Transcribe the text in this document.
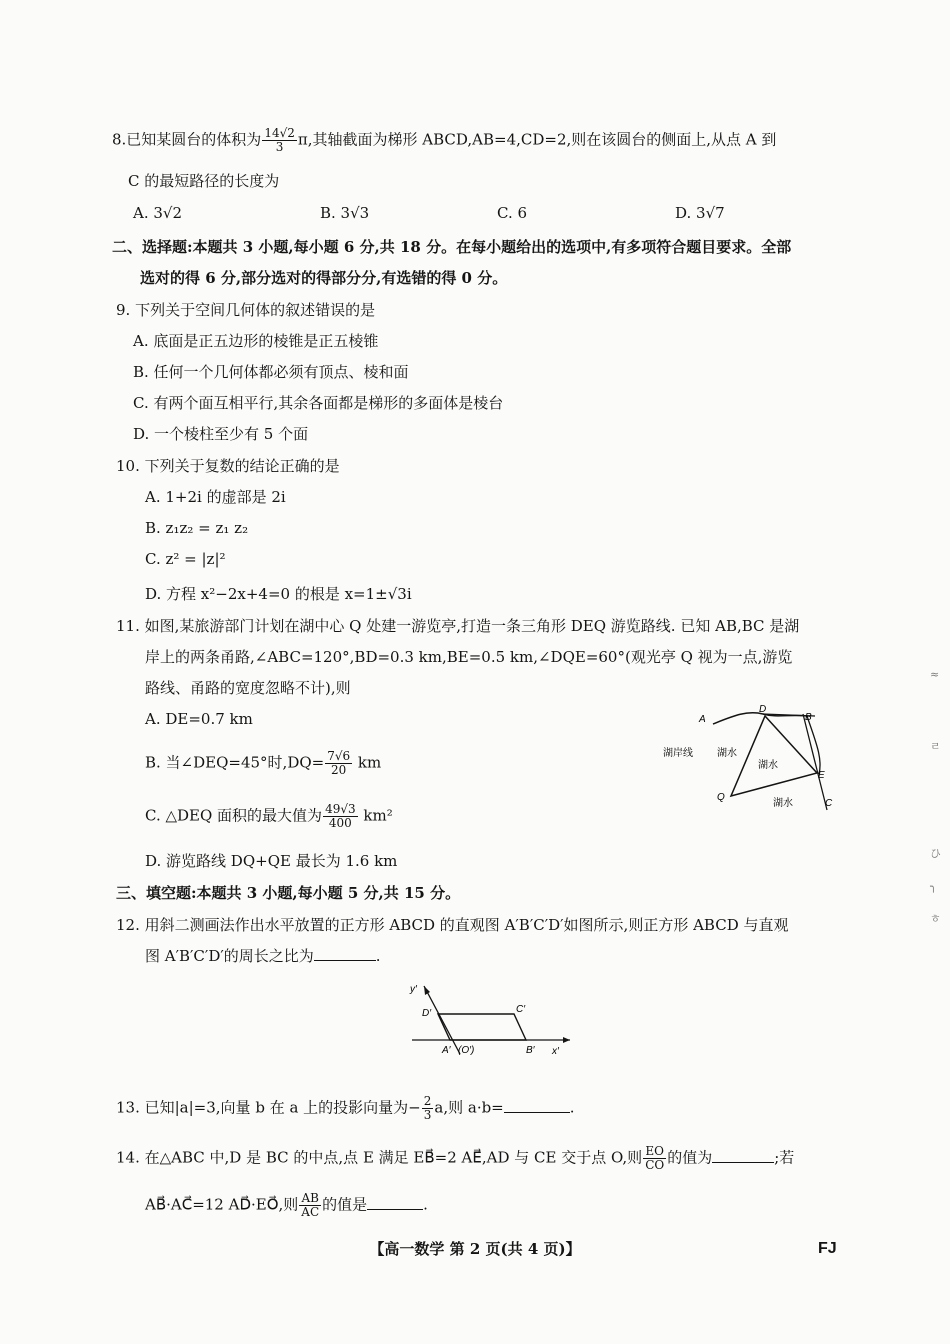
8.已知某圆台的体积为 $\frac{14√2}{3} \pi$,其轴截面为梯形 ABCD,AB=4,CD=2,则在该圆台的侧面上,从点 A 到
C 的最短路径的长度为
A. 3√2	B. 3√3	C. 6	D. 3√7
二、选择题:本题共 3 小题,每小题 6 分,共 18 分。在每小题给出的选项中,有多项符合题目要求。全部
选对的得 6 分,部分选对的得部分分,有选错的得 0 分。
9. 下列关于空间几何体的叙述错误的是
A. 底面是正五边形的棱锥是正五棱锥
B. 任何一个几何体都必须有顶点、棱和面
C. 有两个面互相平行,其余各面都是梯形的多面体是棱台
D. 一个棱柱至少有 5 个面
10. 下列关于复数的结论正确的是
A. 1+2i 的虚部是 2i
B. z₁z₂ = z₁ z₂
C. z² = |z|²
D. 方程 x²−2x+4=0 的根是 x=1±√3i
11. 如图,某旅游部门计划在湖中心 Q 处建一游览亭,打造一条三角形 DEQ 游览路线. 已知 AB,BC 是湖
岸上的两条甬路,∠ABC=120°,BD=0.3 km,BE=0.5 km,∠DQE=60°(观光亭 Q 视为一点,游览
路线、甬路的宽度忽略不计),则
A. DE=0.7 km
B. 当∠DEQ=45°时$,DQ= \frac{7√6}{20}$ km
C. △DEQ 面积的最大值为 $\frac{49√3}{400} km^2$
D. 游览路线 DQ+QE 最长为 1.6 km
A
D
B
E
C
Q
湖岸线 湖水
湖水
湖水
三、填空题:本题共 3 小题,每小题 5 分,共 15 分。
12. 用斜二测画法作出水平放置的正方形 ABCD 的直观图 A′B′C′D′如图所示,则正方形 ABCD 与直观
图 A′B′C′D′的周长之比为	.
y′
x′
D′	C′
A′ (O′)	B′
13. 已知|a|=3,向量 b 在 a 上的投影向量为− $\frac{2}{3} a$,则 a·b=	.
14. 在△ABC 中,D 是 BC 的中点,点 E 满足 EB⃗=2 AE⃗,AD 与 CE 交于点 O,则 $\frac{EO}{CO}$ 的值为	;若
AB⃗·AC⃗=12 AD⃗·EO⃗,则 $\frac{AB}{AC}$ 的值是	.
【高一数学 第 2 页(共 4 页)】	FJ
≈
ㄹ
ひ
╮
ㅎ
